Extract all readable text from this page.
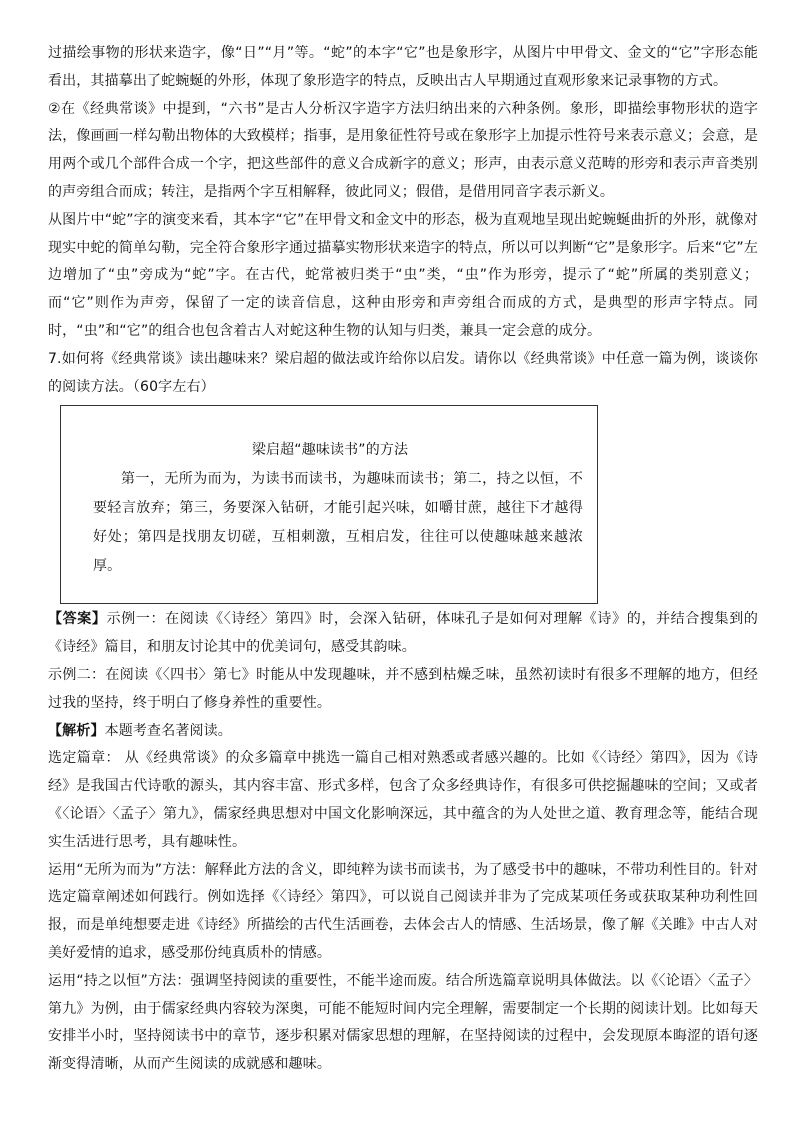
过描绘事物的形状来造字，像“日”“月”等。“蛇”的本字“它”也是象形字，从图片中甲骨文、金文的“它”字形态能看出，其描摹出了蛇蜿蜒的外形，体现了象形造字的特点，反映出古人早期通过直观形象来记录事物的方式。

②在《经典常谈》中提到，“六书”是古人分析汉字造字方法归纳出来的六种条例。象形，即描绘事物形状的造字法，像画画一样勾勒出物体的大致模样；指事，是用象征性符号或在象形字上加提示性符号来表示意义；会意，是用两个或几个部件合成一个字，把这些部件的意义合成新字的意义；形声，由表示意义范畴的形旁和表示声音类别的声旁组合而成；转注，是指两个字互相解释，彼此同义；假借，是借用同音字表示新义。

从图片中“蛇”字的演变来看，其本字“它”在甲骨文和金文中的形态，极为直观地呈现出蛇蜿蜒曲折的外形，就像对现实中蛇的简单勾勒，完全符合象形字通过描摹实物形状来造字的特点，所以可以判断“它”是象形字。后来“它”左边增加了“虫”旁成为“蛇”字。在古代，蛇常被归类于“虫”类，“虫”作为形旁，提示了“蛇”所属的类别意义；而“它”则作为声旁，保留了一定的读音信息，这种由形旁和声旁组合而成的方式，是典型的形声字特点。同时，“虫”和“它”的组合也包含着古人对蛇这种生物的认知与归类，兼具一定会意的成分。

7.如何将《经典常谈》读出趣味来？梁启超的做法或许给你以启发。请你以《经典常谈》中任意一篇为例，谈谈你的阅读方法。（60字左右）

梁启超“趣味读书”的方法

第一，无所为而为，为读书而读书，为趣味而读书；第二，持之以恒，不要轻言放弃；第三，务要深入钻研，才能引起兴味，如嚼甘蔗，越往下才越得好处；第四是找朋友切磋，互相刺激，互相启发，往往可以使趣味越来越浓厚。

【答案】示例一：在阅读《〈诗经〉第四》时，会深入钻研，体味孔子是如何对理解《诗》的，并结合搜集到的《诗经》篇目，和朋友讨论其中的优美词句，感受其韵味。

示例二：在阅读《〈四书〉第七》时能从中发现趣味，并不感到枯燥乏味，虽然初读时有很多不理解的地方，但经过我的坚持，终于明白了修身养性的重要性。

【解析】本题考查名著阅读。

选定篇章： 从《经典常谈》的众多篇章中挑选一篇自己相对熟悉或者感兴趣的。比如《〈诗经〉第四》，因为《诗经》是我国古代诗歌的源头，其内容丰富、形式多样，包含了众多经典诗作，有很多可供挖掘趣味的空间；又或者《〈论语〉〈孟子〉第九》，儒家经典思想对中国文化影响深远，其中蕴含的为人处世之道、教育理念等，能结合现实生活进行思考，具有趣味性。

运用“无所为而为”方法：解释此方法的含义，即纯粹为读书而读书，为了感受书中的趣味，不带功利性目的。针对选定篇章阐述如何践行。例如选择《〈诗经〉第四》，可以说自己阅读并非为了完成某项任务或获取某种功利性回报，而是单纯想要走进《诗经》所描绘的古代生活画卷，去体会古人的情感、生活场景，像了解《关雎》中古人对美好爱情的追求，感受那份纯真质朴的情感。

运用“持之以恒”方法：强调坚持阅读的重要性，不能半途而废。结合所选篇章说明具体做法。以《〈论语〉〈孟子〉第九》为例，由于儒家经典内容较为深奥，可能不能短时间内完全理解，需要制定一个长期的阅读计划。比如每天安排半小时，坚持阅读书中的章节，逐步积累对儒家思想的理解，在坚持阅读的过程中，会发现原本晦涩的语句逐渐变得清晰，从而产生阅读的成就感和趣味。
